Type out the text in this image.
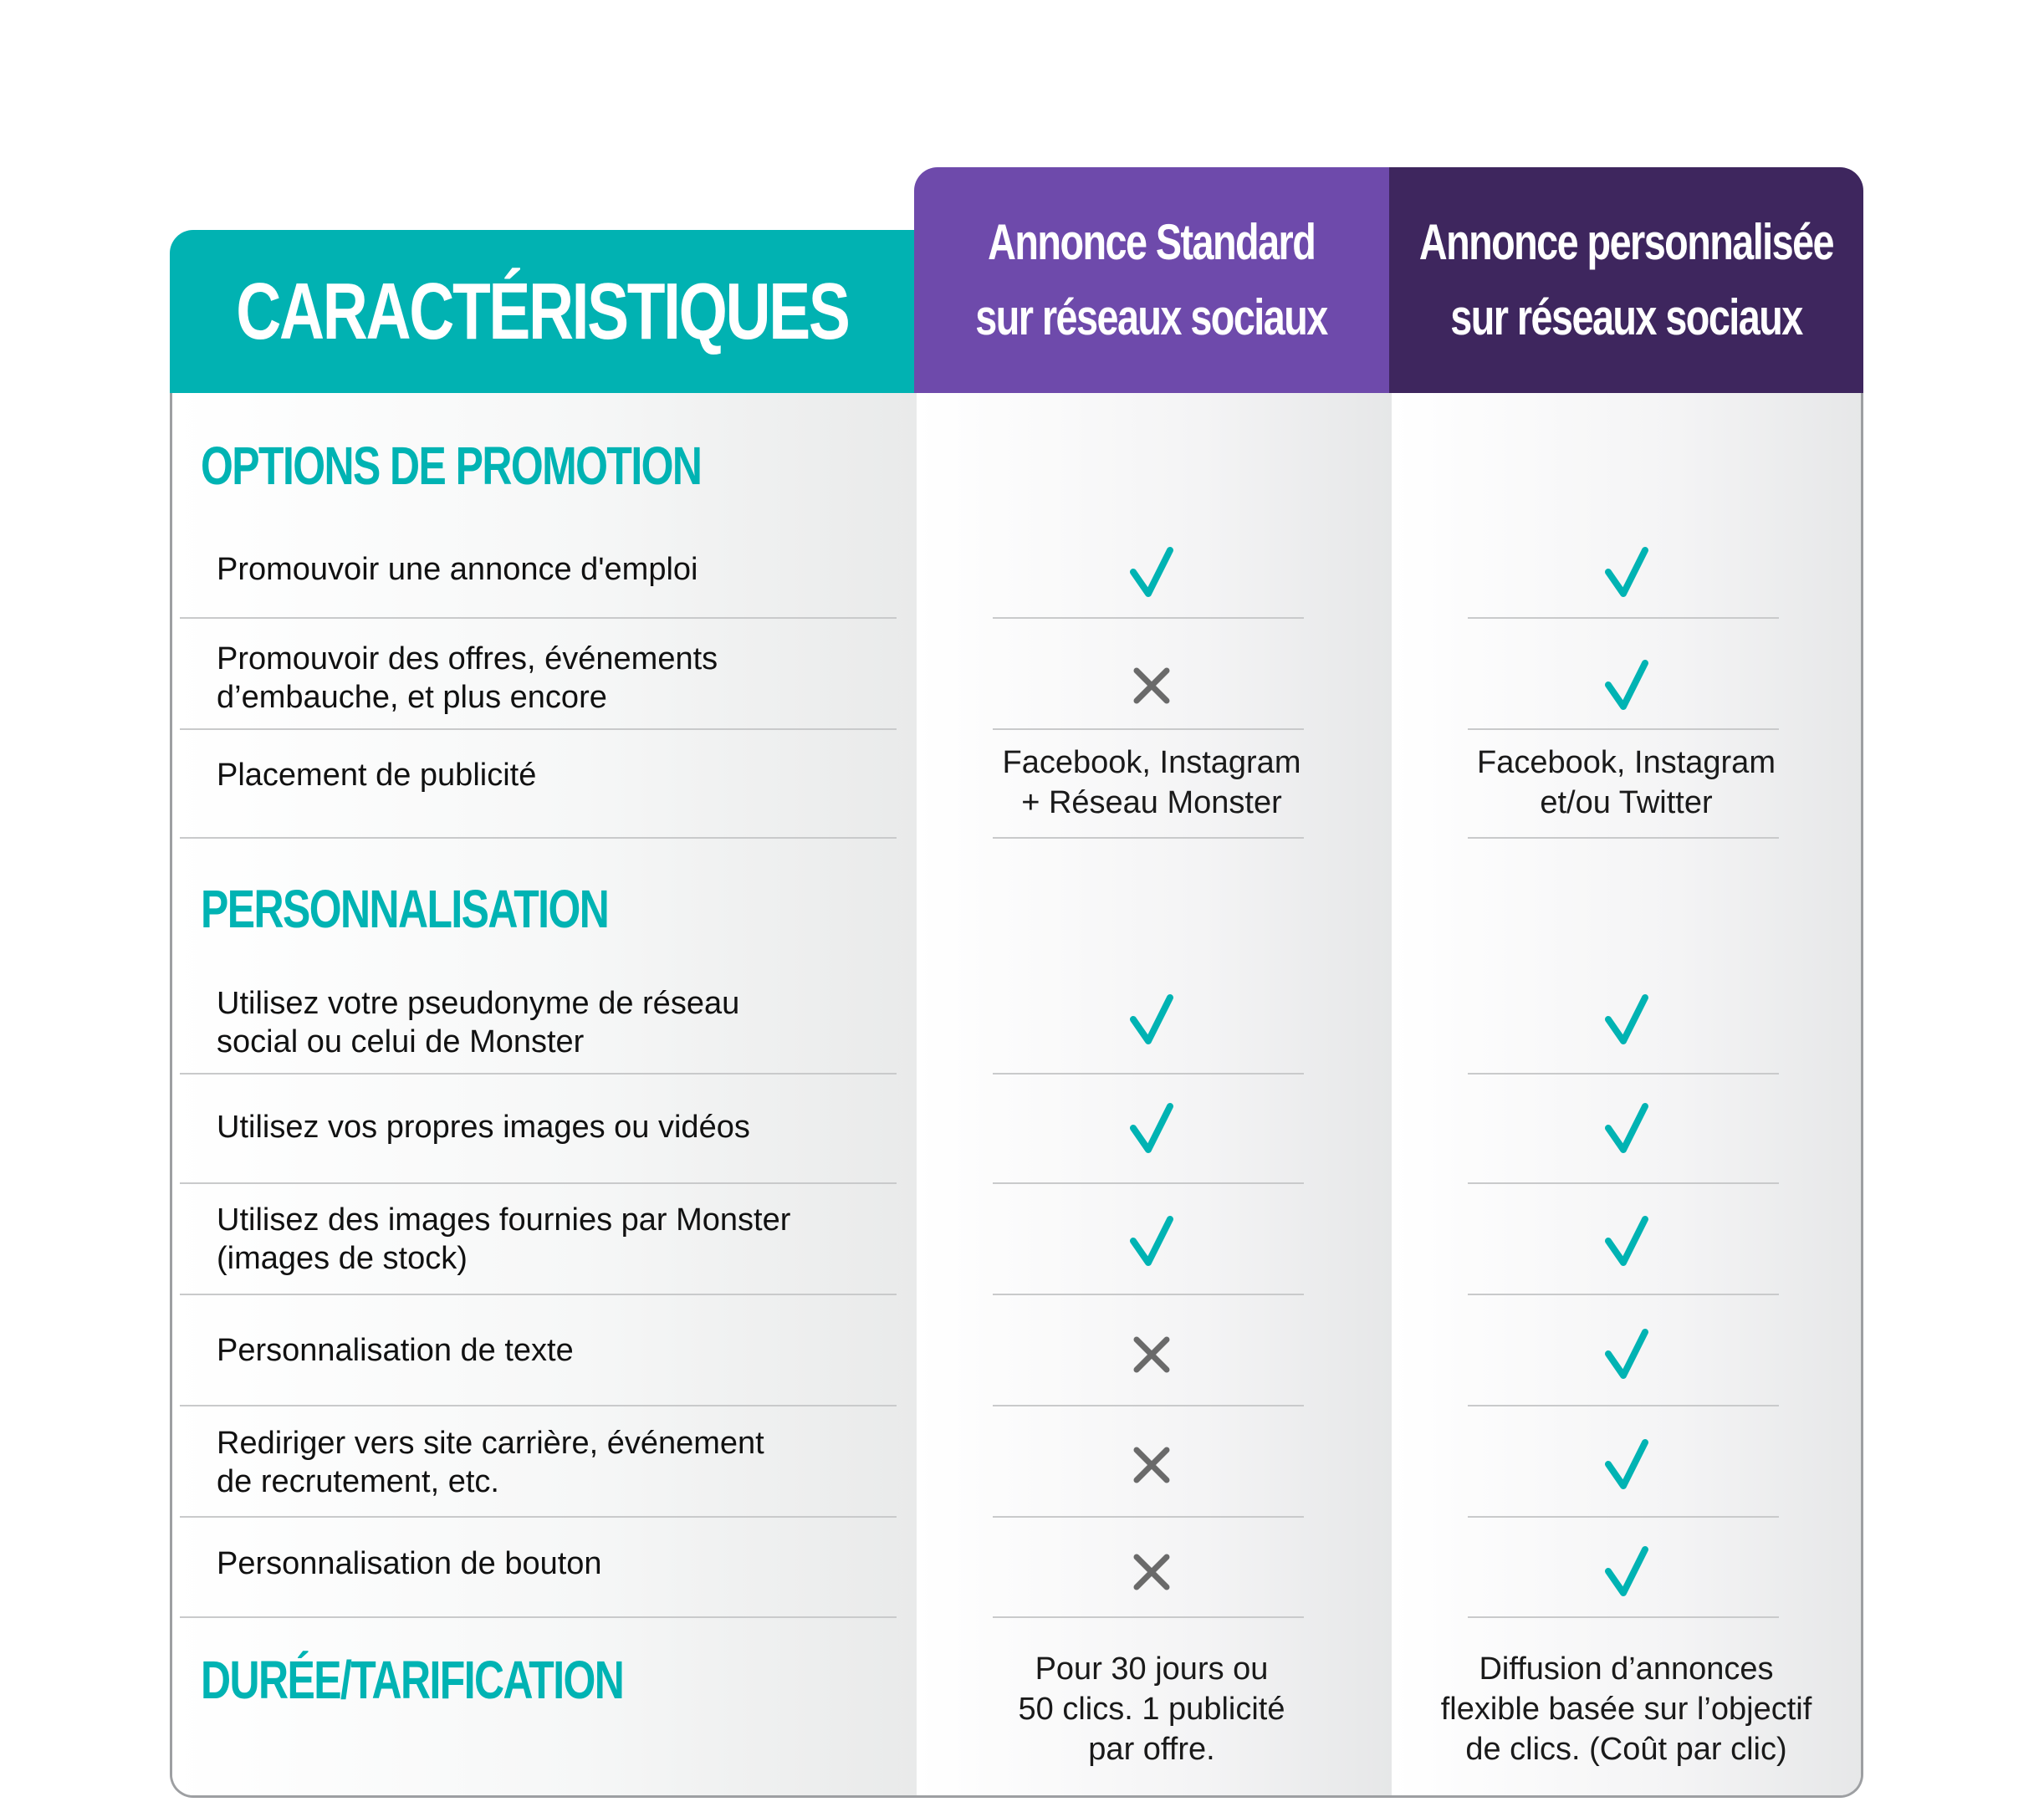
CARACTÉRISTIQUES
Annonce Standard
sur réseaux sociaux
Annonce personnalisée
sur réseaux sociaux
OPTIONS DE PROMOTION
PERSONNALISATION
DURÉE/TARIFICATION
Promouvoir une annonce d'emploi
Promouvoir des offres, événements
d’embauche, et plus encore
Placement de publicité
Utilisez votre pseudonyme de réseau
social ou celui de Monster
Utilisez vos propres images ou vidéos
Utilisez des images fournies par Monster
(images de stock)
Personnalisation de texte
Rediriger vers site carrière, événement
de recrutement, etc.
Personnalisation de bouton
Facebook, Instagram
+ Réseau Monster
Facebook, Instagram
et/ou Twitter
Pour 30 jours ou
50 clics. 1 publicité
par offre.
Diffusion d’annonces
flexible basée sur l’objectif
de clics. (Coût par clic)
